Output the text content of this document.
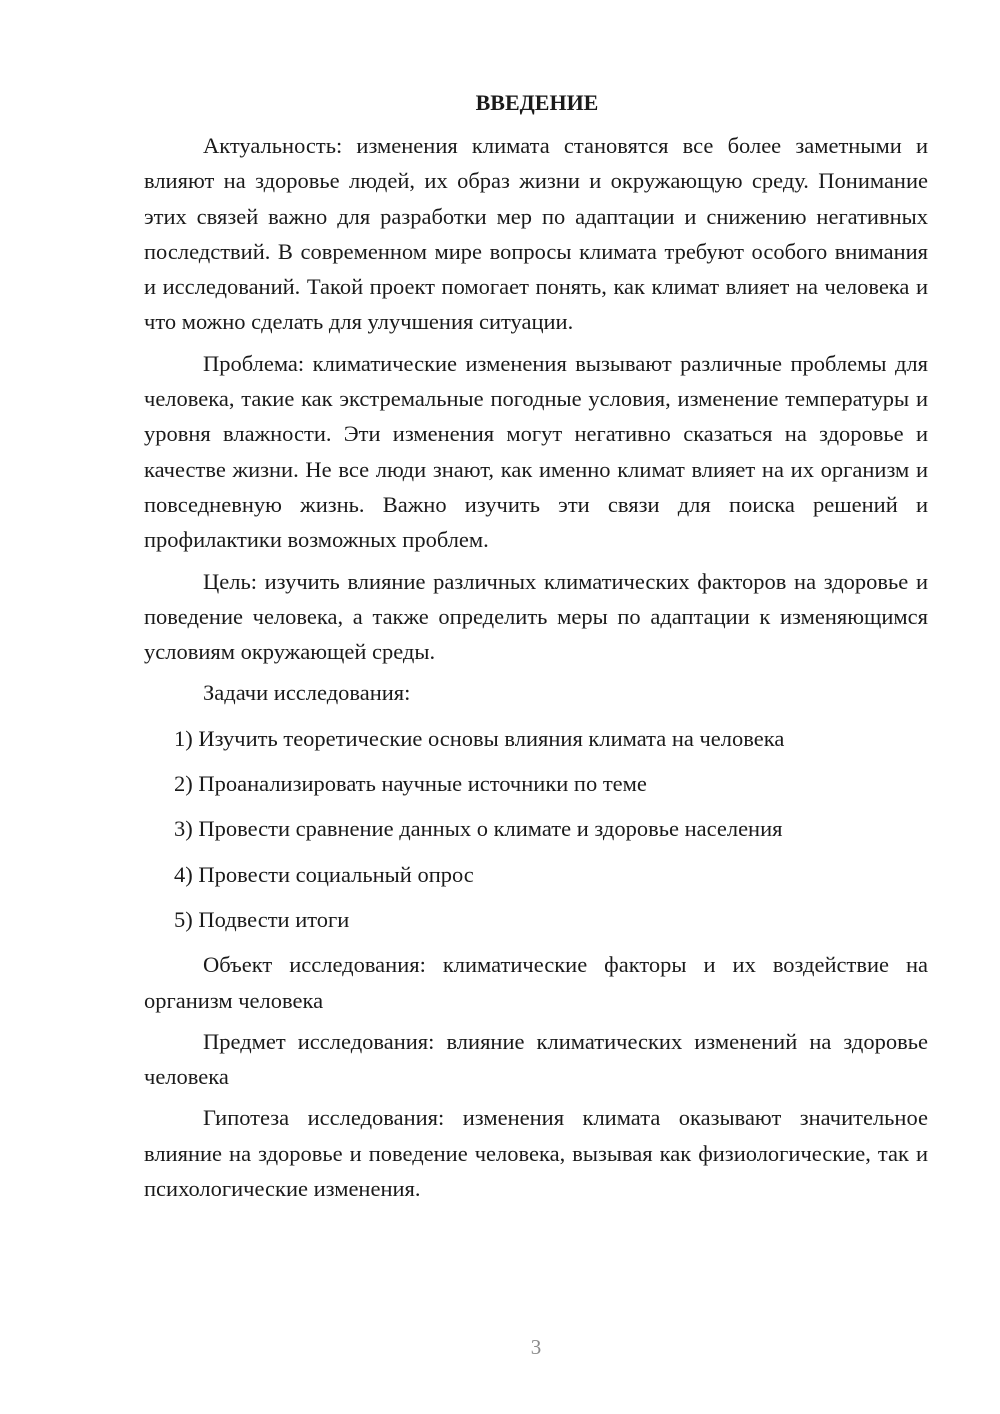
ВВЕДЕНИЕ

Актуальность: изменения климата становятся все более заметными и влияют на здоровье людей, их образ жизни и окружающую среду. Понимание этих связей важно для разработки мер по адаптации и снижению негативных последствий. В современном мире вопросы климата требуют особого внимания и исследований. Такой проект помогает понять, как климат влияет на человека и что можно сделать для улучшения ситуации.

Проблема: климатические изменения вызывают различные проблемы для человека, такие как экстремальные погодные условия, изменение температуры и уровня влажности. Эти изменения могут негативно сказаться на здоровье и качестве жизни. Не все люди знают, как именно климат влияет на их организм и повседневную жизнь. Важно изучить эти связи для поиска решений и профилактики возможных проблем.

Цель: изучить влияние различных климатических факторов на здоровье и поведение человека, а также определить меры по адаптации к изменяющимся условиям окружающей среды.

Задачи исследования:

1) Изучить теоретические основы влияния климата на человека
2) Проанализировать научные источники по теме
3) Провести сравнение данных о климате и здоровье населения
4) Провести социальный опрос
5) Подвести итоги

Объект исследования: климатические факторы и их воздействие на организм человека

Предмет исследования: влияние климатических изменений на здоровье человека

Гипотеза исследования: изменения климата оказывают значительное влияние на здоровье и поведение человека, вызывая как физиологические, так и психологические изменения.

3
